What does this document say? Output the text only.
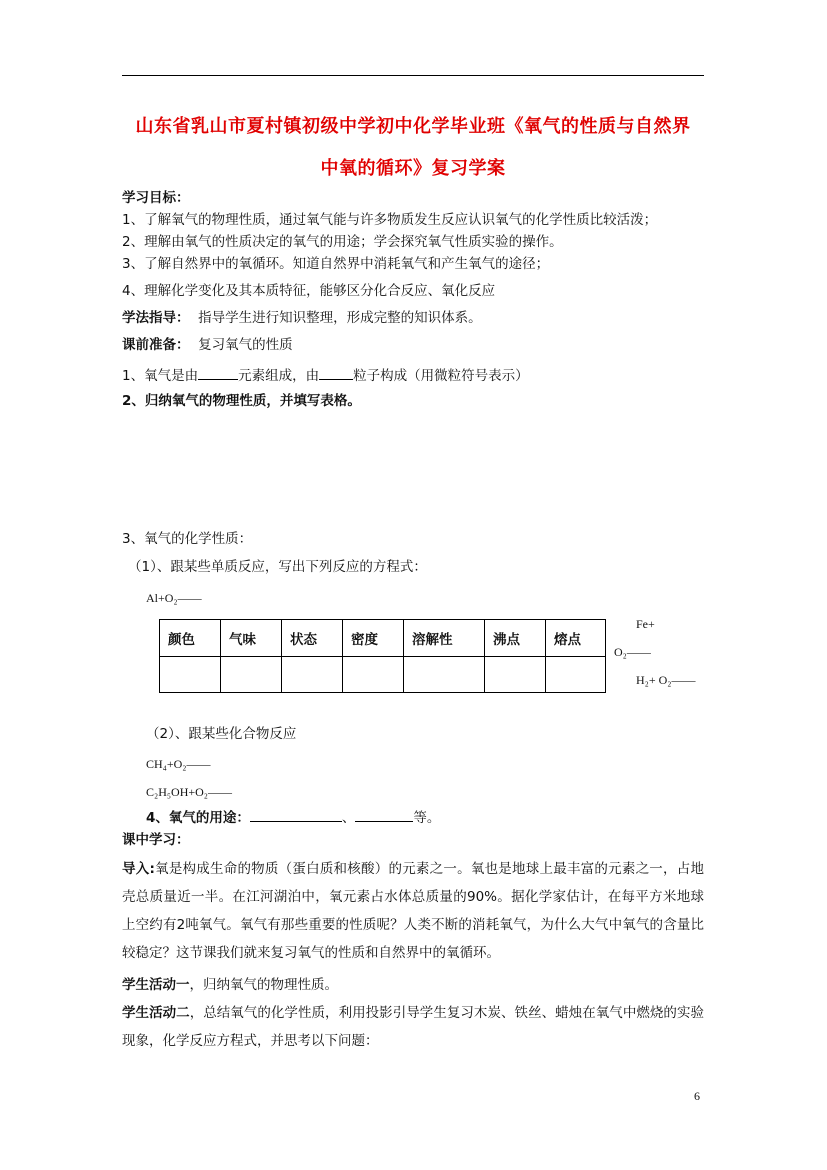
山东省乳山市夏村镇初级中学初中化学毕业班《氧气的性质与自然界
中氧的循环》复习学案
学习目标：
1、了解氧气的物理性质，通过氧气能与许多物质发生反应认识氧气的化学性质比较活泼；
2、理解由氧气的性质决定的氧气的用途；学会探究氧气性质实验的操作。
3、了解自然界中的氧循环。知道自然界中消耗氧气和产生氧气的途径；
4、理解化学变化及其本质特征，能够区分化合反应、氧化反应
学法指导： 指导学生进行知识整理，形成完整的知识体系。
课前准备： 复习氧气的性质
1、氧气是由	元素组成，由	粒子构成（用微粒符号表示）
2、归纳氧气的物理性质，并填写表格。
3、氧气的化学性质：
（1）、跟某些单质反应，写出下列反应的方程式：
Al+O₂——
颜色	气味	状态	密度	溶解性	沸点	熔点

Fe+
O₂——
H₂+ O₂——
（2）、跟某些化合物反应
CH₄+O₂——
C₂H₅OH+O₂——
4、氧气的用途：	、	等。
课中学习：
导入:氧是构成生命的物质（蛋白质和核酸）的元素之一。氧也是地球上最丰富的元素之一，占地壳总质量近一半。在江河湖泊中，氧元素占水体总质量的90%。据化学家估计，在每平方米地球上空约有2吨氧气。氧气有那些重要的性质呢？人类不断的消耗氧气，为什么大气中氧气的含量比较稳定？这节课我们就来复习氧气的性质和自然界中的氧循环。
学生活动一，归纳氧气的物理性质。
学生活动二，总结氧气的化学性质，利用投影引导学生复习木炭、铁丝、蜡烛在氧气中燃烧的实验现象，化学反应方程式，并思考以下问题：
6
